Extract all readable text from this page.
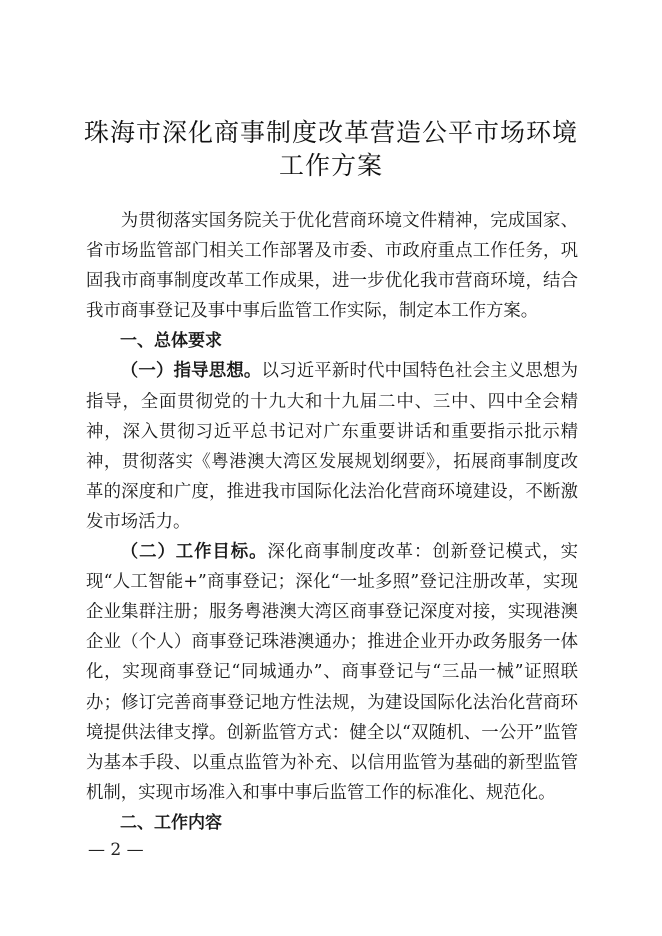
珠海市深化商事制度改革营造公平市场环境
工作方案

为贯彻落实国务院关于优化营商环境文件精神，完成国家、省市场监管部门相关工作部署及市委、市政府重点工作任务，巩固我市商事制度改革工作成果，进一步优化我市营商环境，结合我市商事登记及事中事后监管工作实际，制定本工作方案。

一、总体要求

（一）指导思想。以习近平新时代中国特色社会主义思想为指导，全面贯彻党的十九大和十九届二中、三中、四中全会精神，深入贯彻习近平总书记对广东重要讲话和重要指示批示精神，贯彻落实《粤港澳大湾区发展规划纲要》，拓展商事制度改革的深度和广度，推进我市国际化法治化营商环境建设，不断激发市场活力。

（二）工作目标。深化商事制度改革：创新登记模式，实现“人工智能+”商事登记；深化“一址多照”登记注册改革，实现企业集群注册；服务粤港澳大湾区商事登记深度对接，实现港澳企业（个人）商事登记珠港澳通办；推进企业开办政务服务一体化，实现商事登记“同城通办”、商事登记与“三品一械”证照联办；修订完善商事登记地方性法规，为建设国际化法治化营商环境提供法律支撑。创新监管方式：健全以“双随机、一公开”监管为基本手段、以重点监管为补充、以信用监管为基础的新型监管机制，实现市场准入和事中事后监管工作的标准化、规范化。

二、工作内容

— 2 —
